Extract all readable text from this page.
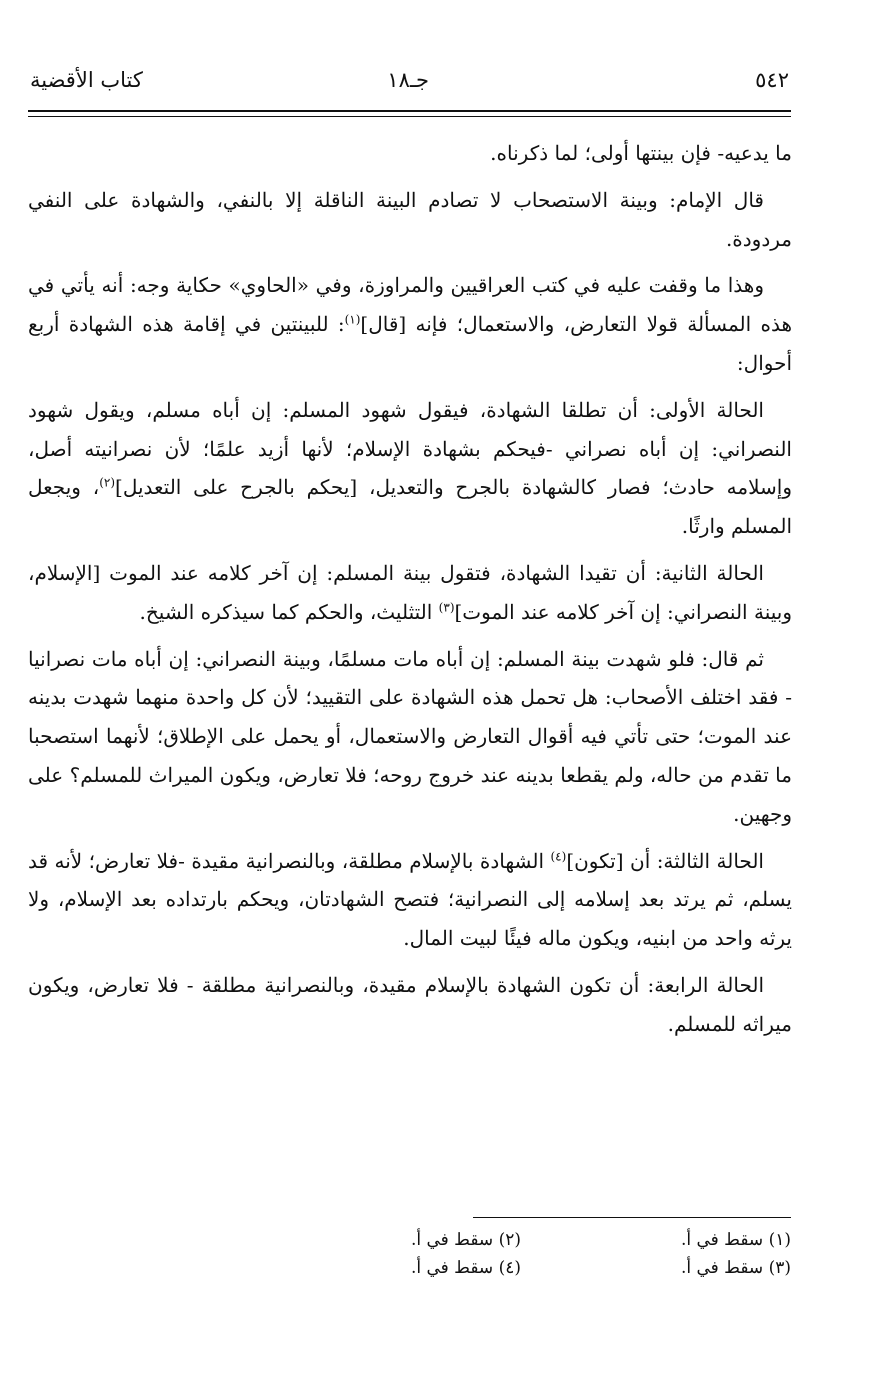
٥٤٢
جـ١٨
كتاب الأقضية

ما يدعيه- فإن بينتها أولى؛ لما ذكرناه.

قال الإمام: وبينة الاستصحاب لا تصادم البينة الناقلة إلا بالنفي، والشهادة على النفي مردودة.

وهذا ما وقفت عليه في كتب العراقيين والمراوزة، وفي «الحاوي» حكاية وجه: أنه يأتي في هذه المسألة قولا التعارض، والاستعمال؛ فإنه [قال]$^{(١)}$: للبينتين في إقامة هذه الشهادة أربع أحوال:

الحالة الأولى: أن تطلقا الشهادة، فيقول شهود المسلم: إن أباه مسلم، ويقول شهود النصراني: إن أباه نصراني -فيحكم بشهادة الإسلام؛ لأنها أزيد علمًا؛ لأن نصرانيته أصل، وإسلامه حادث؛ فصار كالشهادة بالجرح والتعديل، [يحكم بالجرح على التعديل]$^{(٢)}$، ويجعل المسلم وارثًا.

الحالة الثانية: أن تقيدا الشهادة، فتقول بينة المسلم: إن آخر كلامه عند الموت [الإسلام، وبينة النصراني: إن آخر كلامه عند الموت]$^{(٣)}$ التثليث، والحكم كما سيذكره الشيخ.

ثم قال: فلو شهدت بينة المسلم: إن أباه مات مسلمًا، وبينة النصراني: إن أباه مات نصرانيا - فقد اختلف الأصحاب: هل تحمل هذه الشهادة على التقييد؛ لأن كل واحدة منهما شهدت بدينه عند الموت؛ حتى تأتي فيه أقوال التعارض والاستعمال، أو يحمل على الإطلاق؛ لأنهما استصحبا ما تقدم من حاله، ولم يقطعا بدينه عند خروج روحه؛ فلا تعارض، ويكون الميراث للمسلم؟ على وجهين.

الحالة الثالثة: أن [تكون]$^{(٤)}$ الشهادة بالإسلام مطلقة، وبالنصرانية مقيدة -فلا تعارض؛ لأنه قد يسلم، ثم يرتد بعد إسلامه إلى النصرانية؛ فتصح الشهادتان، ويحكم بارتداده بعد الإسلام، ولا يرثه واحد من ابنيه، ويكون ماله فيئًا لبيت المال.

الحالة الرابعة: أن تكون الشهادة بالإسلام مقيدة، وبالنصرانية مطلقة - فلا تعارض، ويكون ميراثه للمسلم.

(١) سقط في أ.(٢) سقط في أ.
(٣) سقط في أ.(٤) سقط في أ.
